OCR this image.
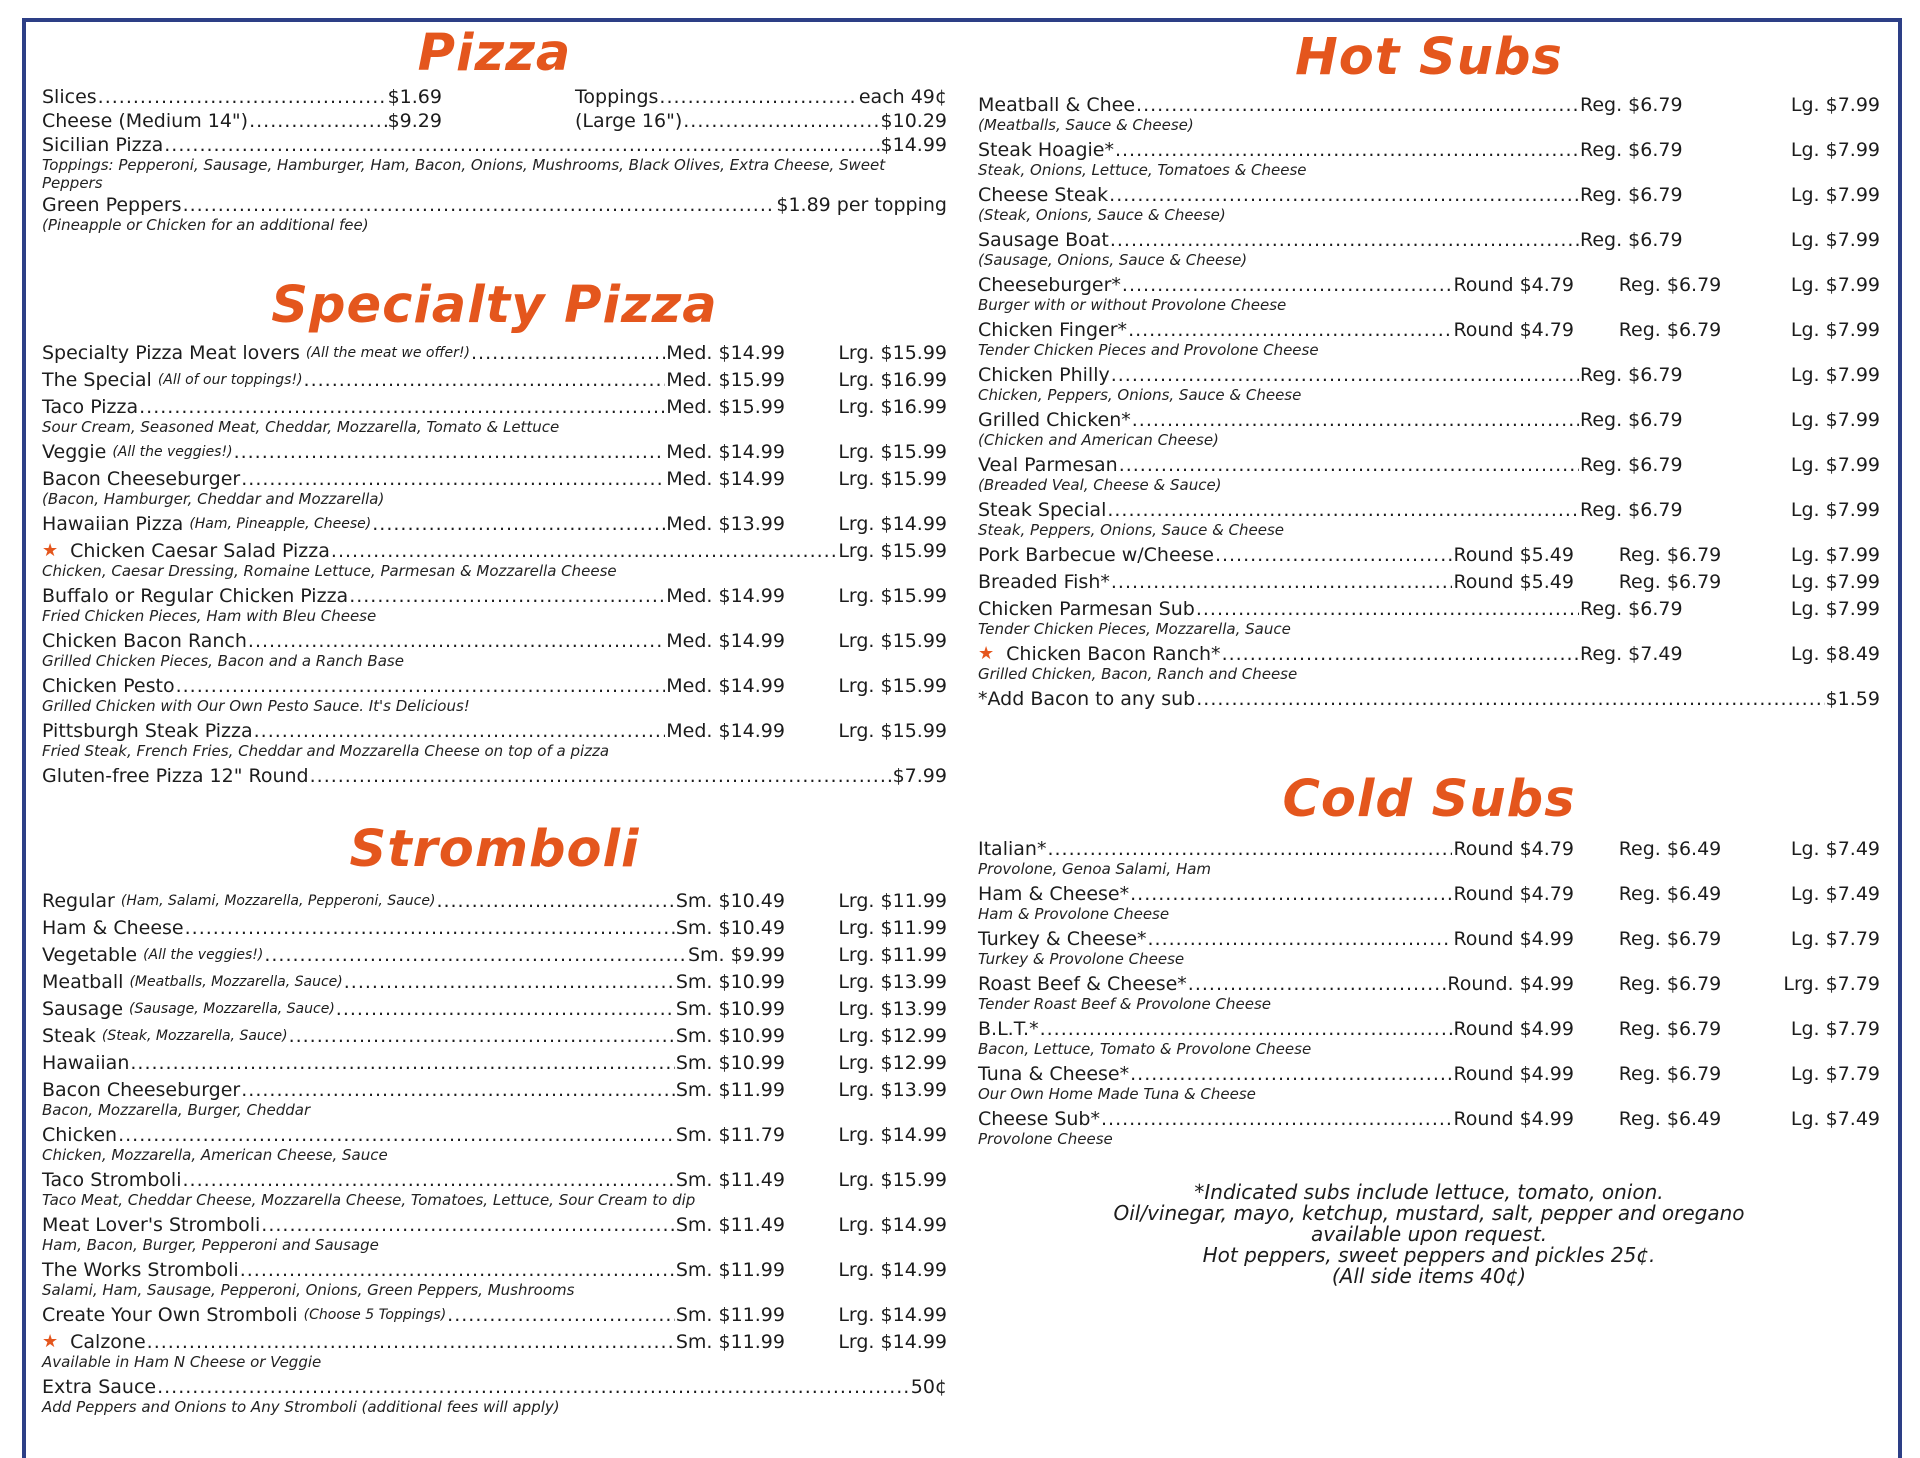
Pizza
Slices .....	$1.69	Toppings .....	each 49¢
Cheese (Medium 14") .....	$9.29	(Large 16") .....	$10.29
Sicilian Pizza .....	$14.99
Toppings: Pepperoni, Sausage, Hamburger, Ham, Bacon, Onions, Mushrooms, Black Olives, Extra Cheese, Sweet Peppers
Green Peppers .....	$1.89 per topping
(Pineapple or Chicken for an additional fee)
Specialty Pizza
Specialty Pizza Meat lovers (All the meat we offer!) .....	Med. $14.99	Lrg. $15.99
The Special (All of our toppings!) .....	Med. $15.99	Lrg. $16.99
Taco Pizza .....	Med. $15.99	Lrg. $16.99
Sour Cream, Seasoned Meat, Cheddar, Mozzarella, Tomato & Lettuce
Veggie (All the veggies!) .....	Med. $14.99	Lrg. $15.99
Bacon Cheeseburger .....	Med. $14.99	Lrg. $15.99
(Bacon, Hamburger, Cheddar and Mozzarella)
Hawaiian Pizza (Ham, Pineapple, Cheese) .....	Med. $13.99	Lrg. $14.99
★ Chicken Caesar Salad Pizza .....	Lrg. $15.99
Chicken, Caesar Dressing, Romaine Lettuce, Parmesan & Mozzarella Cheese
Buffalo or Regular Chicken Pizza .....	Med. $14.99	Lrg. $15.99
Fried Chicken Pieces, Ham with Bleu Cheese
Chicken Bacon Ranch .....	Med. $14.99	Lrg. $15.99
Grilled Chicken Pieces, Bacon and a Ranch Base
Chicken Pesto .....	Med. $14.99	Lrg. $15.99
Grilled Chicken with Our Own Pesto Sauce. It's Delicious!
Pittsburgh Steak Pizza .....	Med. $14.99	Lrg. $15.99
Fried Steak, French Fries, Cheddar and Mozzarella Cheese on top of a pizza
Gluten-free Pizza 12" Round .....	$7.99
Stromboli
Regular (Ham, Salami, Mozzarella, Pepperoni, Sauce) .....	Sm. $10.49	Lrg. $11.99
Ham & Cheese .....	Sm. $10.49	Lrg. $11.99
Vegetable (All the veggies!) .....	Sm. $9.99	Lrg. $11.99
Meatball (Meatballs, Mozzarella, Sauce) .....	Sm. $10.99	Lrg. $13.99
Sausage (Sausage, Mozzarella, Sauce) .....	Sm. $10.99	Lrg. $13.99
Steak (Steak, Mozzarella, Sauce) .....	Sm. $10.99	Lrg. $12.99
Hawaiian .....	Sm. $10.99	Lrg. $12.99
Bacon Cheeseburger .....	Sm. $11.99	Lrg. $13.99
Bacon, Mozzarella, Burger, Cheddar
Chicken .....	Sm. $11.79	Lrg. $14.99
Chicken, Mozzarella, American Cheese, Sauce
Taco Stromboli .....	Sm. $11.49	Lrg. $15.99
Taco Meat, Cheddar Cheese, Mozzarella Cheese, Tomatoes, Lettuce, Sour Cream to dip
Meat Lover's Stromboli .....	Sm. $11.49	Lrg. $14.99
Ham, Bacon, Burger, Pepperoni and Sausage
The Works Stromboli .....	Sm. $11.99	Lrg. $14.99
Salami, Ham, Sausage, Pepperoni, Onions, Green Peppers, Mushrooms
Create Your Own Stromboli (Choose 5 Toppings) .....	Sm. $11.99	Lrg. $14.99
★ Calzone .....	Sm. $11.99	Lrg. $14.99
Available in Ham N Cheese or Veggie
Extra Sauce .....	50¢
Add Peppers and Onions to Any Stromboli (additional fees will apply)
Hot Subs
Meatball & Chee .....	Reg. $6.79	Lg. $7.99
(Meatballs, Sauce & Cheese)
Steak Hoagie* .....	Reg. $6.79	Lg. $7.99
Steak, Onions, Lettuce, Tomatoes & Cheese
Cheese Steak .....	Reg. $6.79	Lg. $7.99
(Steak, Onions, Sauce & Cheese)
Sausage Boat .....	Reg. $6.79	Lg. $7.99
(Sausage, Onions, Sauce & Cheese)
Cheeseburger* .....	Round $4.79	Reg. $6.79	Lg. $7.99
Burger with or without Provolone Cheese
Chicken Finger* .....	Round $4.79	Reg. $6.79	Lg. $7.99
Tender Chicken Pieces and Provolone Cheese
Chicken Philly .....	Reg. $6.79	Lg. $7.99
Chicken, Peppers, Onions, Sauce & Cheese
Grilled Chicken* .....	Reg. $6.79	Lg. $7.99
(Chicken and American Cheese)
Veal Parmesan .....	Reg. $6.79	Lg. $7.99
(Breaded Veal, Cheese & Sauce)
Steak Special .....	Reg. $6.79	Lg. $7.99
Steak, Peppers, Onions, Sauce & Cheese
Pork Barbecue w/Cheese .....	Round $5.49	Reg. $6.79	Lg. $7.99
Breaded Fish* .....	Round $5.49	Reg. $6.79	Lg. $7.99
Chicken Parmesan Sub .....	Reg. $6.79	Lg. $7.99
Tender Chicken Pieces, Mozzarella, Sauce
★ Chicken Bacon Ranch* .....	Reg. $7.49	Lg. $8.49
Grilled Chicken, Bacon, Ranch and Cheese
*Add Bacon to any sub .....	$1.59
Cold Subs
Italian* .....	Round $4.79	Reg. $6.49	Lg. $7.49
Provolone, Genoa Salami, Ham
Ham & Cheese* .....	Round $4.79	Reg. $6.49	Lg. $7.49
Ham & Provolone Cheese
Turkey & Cheese* .....	Round $4.99	Reg. $6.79	Lg. $7.79
Turkey & Provolone Cheese
Roast Beef & Cheese* .....	Round. $4.99	Reg. $6.79	Lrg. $7.79
Tender Roast Beef & Provolone Cheese
B.L.T.* .....	Round $4.99	Reg. $6.79	Lg. $7.79
Bacon, Lettuce, Tomato & Provolone Cheese
Tuna & Cheese* .....	Round $4.99	Reg. $6.79	Lg. $7.79
Our Own Home Made Tuna & Cheese
Cheese Sub* .....	Round $4.99	Reg. $6.49	Lg. $7.49
Provolone Cheese
*Indicated subs include lettuce, tomato, onion.
Oil/vinegar, mayo, ketchup, mustard, salt, pepper and oregano
available upon request.
Hot peppers, sweet peppers and pickles 25¢.
(All side items 40¢)
